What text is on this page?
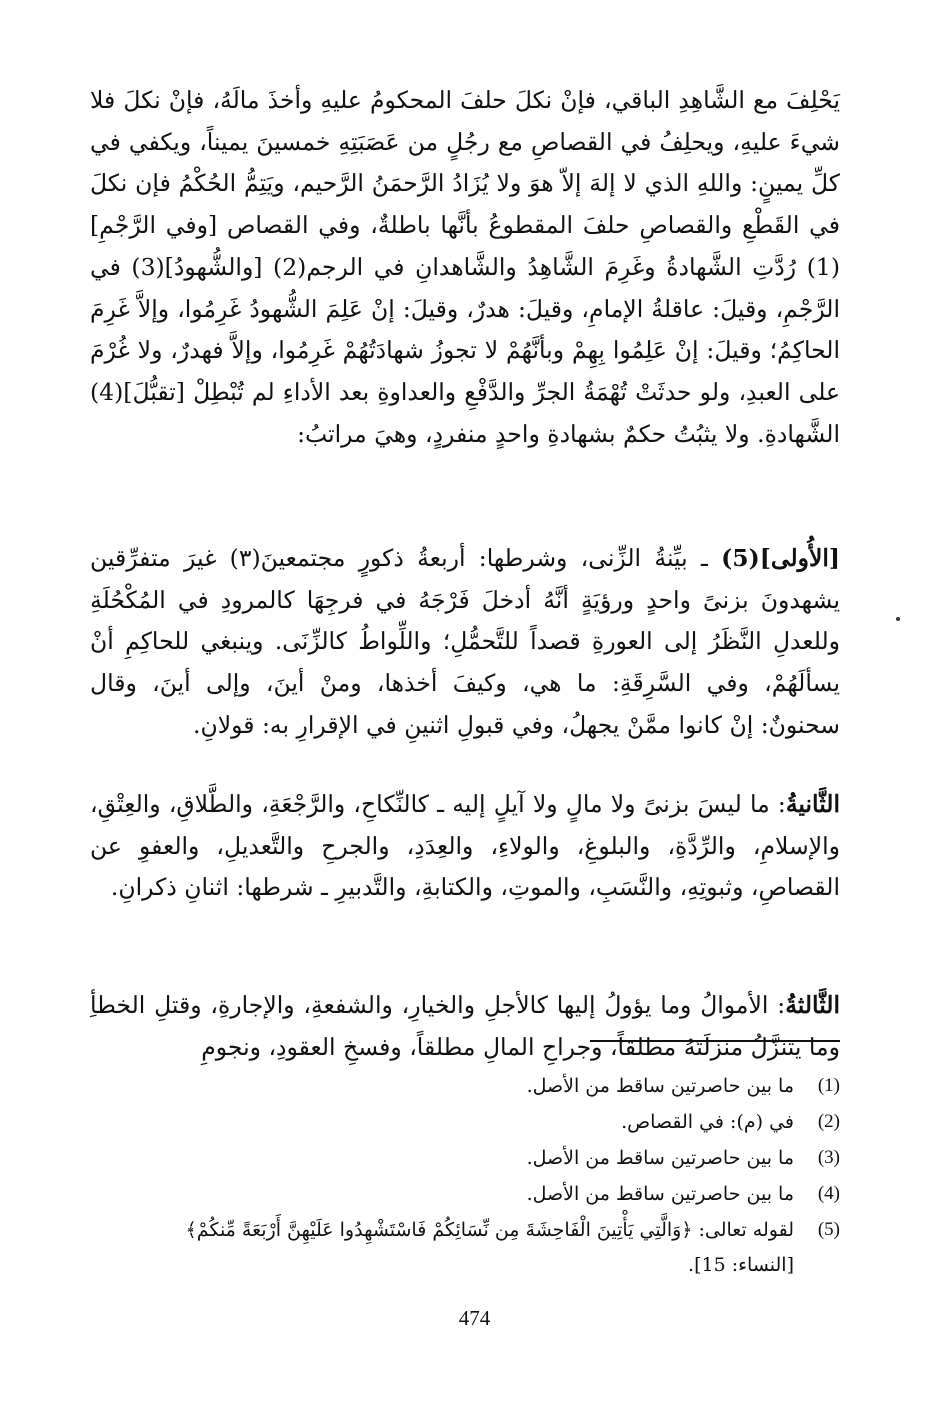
يَحْلِفَ مع الشَّاهِدِ الباقي، فإنْ نكلَ حلفَ المحكومُ عليهِ وأخذَ مالَهُ، فإنْ نكلَ فلا شيءَ عليهِ، ويحلِفُ في القصاصِ مع رجُلٍ من عَصَبَتِهِ خمسينَ يميناً، ويكفي في كلِّ يمينٍ: واللهِ الذي لا إلهَ إلاّ هوَ ولا يُزَادُ الرَّحمَنُ الرَّحيم، ويَتِمُّ الحُكْمُ فإن نكلَ في القَطْعِ والقصاصِ حلفَ المقطوعُ بأنَّها باطلةٌ، وفي القصاص [وفي الرَّجْمِ](1) رُدَّتِ الشَّهادةُ وغَرِمَ الشَّاهِدُ والشَّاهدانِ في الرجم(2) [والشُّهودُ](3) في الرَّجْمِ، وقيلَ: عاقلةُ الإمامِ، وقيلَ: هدرٌ، وقيلَ: إنْ عَلِمَ الشُّهودُ غَرِمُوا، وإلاَّ غَرِمَ الحاكِمُ؛ وقيلَ: إنْ عَلِمُوا بِهِمْ وبأنَّهُمْ لا تجوزُ شهادَتُهُمْ غَرِمُوا، وإلاَّ فهدرٌ، ولا غُرْمَ على العبدِ، ولو حدثَتْ تُهْمَةُ الجرِّ والدَّفْعِ والعداوةِ بعد الأداءِ لم تُبْطِلْ [تقبُّلَ](4) الشَّهادةِ. ولا يثبُتُ حكمٌ بشهادةِ واحدٍ منفردٍ، وهيَ مراتبُ:

[الأُولى](5) ـ بيِّنةُ الزِّنى، وشرطها: أربعةُ ذكورٍ مجتمعينَ(٣) غيرَ متفرِّقين يشهدونَ بزنىً واحدٍ ورؤيَةٍ أنَّهُ أدخلَ فَرْجَهُ في فرجِهَا كالمرودِ في المُكْحُلَةِ وللعدلِ النَّظَرُ إلى العورةِ قصداً للتَّحمُّلِ؛ واللِّواطُ كالزِّنَى. وينبغي للحاكِمِ أنْ يسألَهُمْ، وفي السَّرِقَةِ: ما هي، وكيفَ أخذها، ومنْ أينَ، وإلى أينَ، وقال سحنونٌ: إنْ كانوا ممَّنْ يجهلُ، وفي قبولِ اثنينِ في الإقرارِ به: قولانِ.

الثَّانيةُ: ما ليسَ بزنىً ولا مالٍ ولا آيلٍ إليه ـ كالنِّكاحِ، والرَّجْعَةِ، والطَّلاقِ، والعِتْقِ، والإسلامِ، والرِّدَّةِ، والبلوغِ، والولاءِ، والعِدَدِ، والجرحِ والتَّعديلِ، والعفوِ عن القصاصِ، وثبوتِهِ، والنَّسَبِ، والموتِ، والكتابةِ، والتَّدبيرِ ـ شرطها: اثنانِ ذكرانِ.

الثَّالثةُ: الأموالُ وما يؤولُ إليها كالأجلِ والخيارِ، والشفعةِ، والإجارةِ، وقتلِ الخطأِ وما يتنزَّلُ منزلَتَهُ مطلقاً، وجراحِ المالِ مطلقاً، وفسخِ العقودِ، ونجومِ

(1)
ما بين حاصرتين ساقط من الأصل.
(2)
في (م): في القصاص.
(3)
ما بين حاصرتين ساقط من الأصل.
(4)
ما بين حاصرتين ساقط من الأصل.
(5)
لقوله تعالى: ﴿وَالَّتِي يَأْتِينَ الْفَاحِشَةَ مِن نِّسَائِكُمْ فَاسْتَشْهِدُوا عَلَيْهِنَّ أَرْبَعَةً مِّنكُمْ﴾
[النساء: 15].
474
